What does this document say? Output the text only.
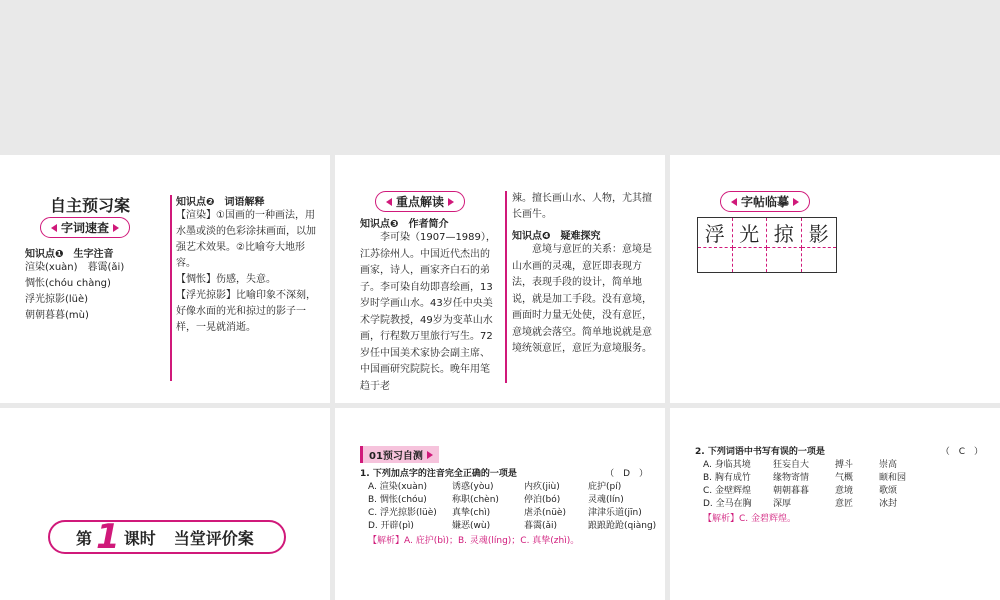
自主预习案
字词速查
知识点❶　生字注音
渲染(xuàn)　暮霭(ǎi)
惆怅(chóu chàng)
浮光掠影(lüè)
朝朝暮暮(mù)
知识点❷　词语解释
【渲染】①国画的一种画法，用水墨或淡的色彩涂抹画面，以加强艺术效果。②比喻夸大地形容。
【惆怅】伤感，失意。
【浮光掠影】比喻印象不深刻，好像水面的光和掠过的影子一样，一晃就消逝。
重点解读
知识点❸　作者简介

李可染（1907—1989），江苏徐州人。中国近代杰出的画家，诗人，画家齐白石的弟子。李可染自幼即喜绘画，13岁时学画山水。43岁任中央美术学院教授，49岁为变革山水画，行程数万里旅行写生。72岁任中国美术家协会副主席、中国画研究院院长。晚年用笔趋于老

辣。擅长画山水、人物，尤其擅长画牛。
知识点❹　疑难探究

意境与意匠的关系：意境是山水画的灵魂，意匠即表现方法，表现手段的设计，简单地说，就是加工手段。没有意境，画面时力量无处使，没有意匠，意境就会落空。简单地说就是意境统领意匠，意匠为意境服务。

字帖临摹
浮 光 掠 影
第 1 课时 当堂评价案
01预习自测
1. 下列加点字的注音完全正确的一项是	（　D　）
A. 渲染(xuàn)	诱惑(yòu)	内疚(jiù)	庇护(pí)
B. 惆怅(chóu)	称职(chèn)	停泊(bó)	灵魂(lín)
C. 浮光掠影(lüè)	真挚(chì)	虐杀(nüè)	津津乐道(jīn)
D. 开辟(pì)	嫌恶(wù)	暮霭(ǎi)	踉踉跄跄(qiàng)
【解析】A. 庇护(bì)；B. 灵魂(líng)；C. 真挚(zhì)。
2. 下列词语中书写有误的一项是	（　C　）
A. 身临其境	狂妄自大	搏斗	崇高
B. 胸有成竹	缘物寄情	气概	颐和园
C. 金壁辉煌	朝朝暮暮	意境	歌颂
D. 全马在胸	深厚	意匠	冰封
【解析】C. 金碧辉煌。
